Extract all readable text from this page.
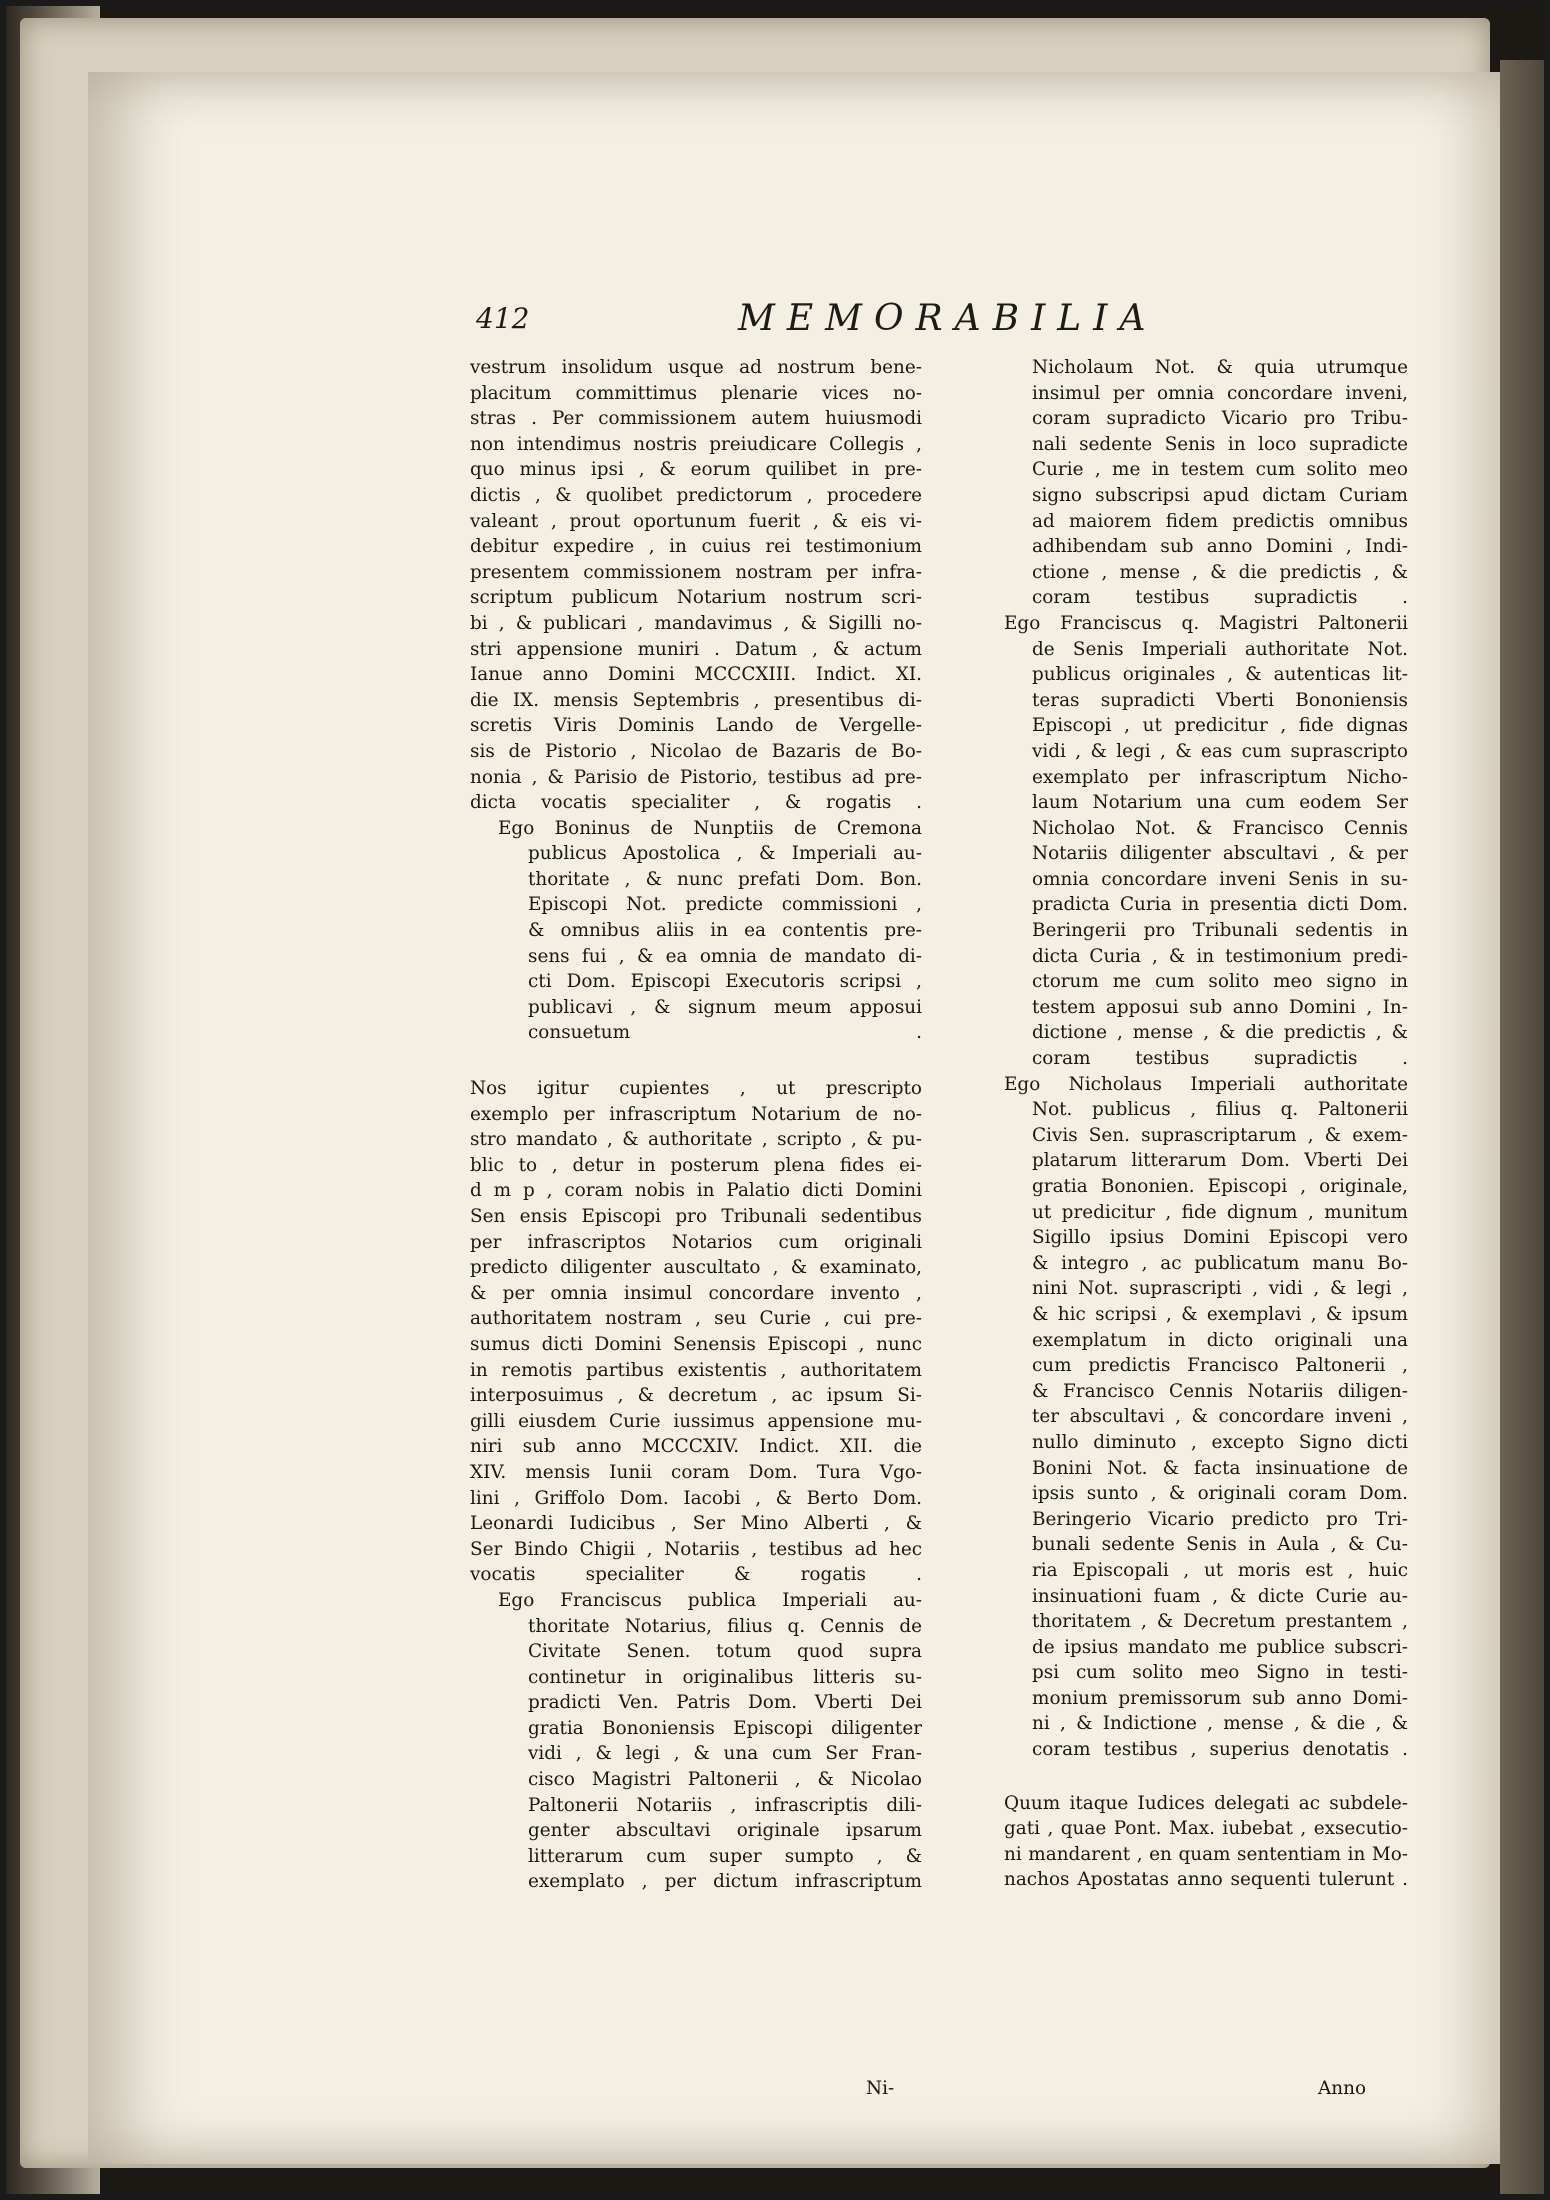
412	MEMORABILIA
vestrum insolidum usque ad nostrum bene-
placitum committimus plenarie vices no-
stras . Per commissionem autem huiusmodi
non intendimus nostris preiudicare Collegis ,
quo minus ipsi , & eorum quilibet in pre-
dictis , & quolibet predictorum , procedere
valeant , prout oportunum fuerit , & eis vi-
debitur expedire , in cuius rei testimonium
presentem commissionem nostram per infra-
scriptum publicum Notarium nostrum scri-
bi , & publicari , mandavimus , & Sigilli no-
stri appensione muniri . Datum , & actum
Ianue anno Domini MCCCXIII. Indict. XI.
die IX. mensis Septembris , presentibus di-
scretis Viris Dominis Lando de Vergelle-
sis de Pistorio , Nicolao de Bazaris de Bo-
nonia , & Parisio de Pistorio, testibus ad pre-
dicta vocatis specialiter , & rogatis .
Ego Boninus de Nunptiis de Cremona
publicus Apostolica , & Imperiali au-
thoritate , & nunc prefati Dom. Bon.
Episcopi Not. predicte commissioni ,
& omnibus aliis in ea contentis pre-
sens fui , & ea omnia de mandato di-
cti Dom. Episcopi Executoris scripsi ,
publicavi , & signum meum apposui
consuetum .
Nos igitur cupientes , ut prescripto
exemplo per infrascriptum Notarium de no-
stro mandato , & authoritate , scripto , & pu-
blic to , detur in posterum plena fides ei-
d m p , coram nobis in Palatio dicti Domini
Sen ensis Episcopi pro Tribunali sedentibus
per infrascriptos Notarios cum originali
predicto diligenter auscultato , & examinato,
& per omnia insimul concordare invento ,
authoritatem nostram , seu Curie , cui pre-
sumus dicti Domini Senensis Episcopi , nunc
in remotis partibus existentis , authoritatem
interposuimus , & decretum , ac ipsum Si-
gilli eiusdem Curie iussimus appensione mu-
niri sub anno MCCCXIV. Indict. XII. die
XIV. mensis Iunii coram Dom. Tura Vgo-
lini , Griffolo Dom. Iacobi , & Berto Dom.
Leonardi Iudicibus , Ser Mino Alberti , &
Ser Bindo Chigii , Notariis , testibus ad hec
vocatis specialiter & rogatis .
Ego Franciscus publica Imperiali au-
thoritate Notarius, filius q. Cennis de
Civitate Senen. totum quod supra
continetur in originalibus litteris su-
pradicti Ven. Patris Dom. Vberti Dei
gratia Bononiensis Episcopi diligenter
vidi , & legi , & una cum Ser Fran-
cisco Magistri Paltonerii , & Nicolao
Paltonerii Notariis , infrascriptis dili-
genter abscultavi originale ipsarum
litterarum cum super sumpto , &
exemplato , per dictum infrascriptum
Nicholaum Not. & quia utrumque
insimul per omnia concordare inveni,
coram supradicto Vicario pro Tribu-
nali sedente Senis in loco supradicte
Curie , me in testem cum solito meo
signo subscripsi apud dictam Curiam
ad maiorem fidem predictis omnibus
adhibendam sub anno Domini , Indi-
ctione , mense , & die predictis , &
coram testibus supradictis .
Ego Franciscus q. Magistri Paltonerii
de Senis Imperiali authoritate Not.
publicus originales , & autenticas lit-
teras supradicti Vberti Bononiensis
Episcopi , ut predicitur , fide dignas
vidi , & legi , & eas cum suprascripto
exemplato per infrascriptum Nicho-
laum Notarium una cum eodem Ser
Nicholao Not. & Francisco Cennis
Notariis diligenter abscultavi , & per
omnia concordare inveni Senis in su-
pradicta Curia in presentia dicti Dom.
Beringerii pro Tribunali sedentis in
dicta Curia , & in testimonium predi-
ctorum me cum solito meo signo in
testem apposui sub anno Domini , In-
dictione , mense , & die predictis , &
coram testibus supradictis .
Ego Nicholaus Imperiali authoritate
Not. publicus , filius q. Paltonerii
Civis Sen. suprascriptarum , & exem-
platarum litterarum Dom. Vberti Dei
gratia Bononien. Episcopi , originale,
ut predicitur , fide dignum , munitum
Sigillo ipsius Domini Episcopi vero
& integro , ac publicatum manu Bo-
nini Not. suprascripti , vidi , & legi ,
& hic scripsi , & exemplavi , & ipsum
exemplatum in dicto originali una
cum predictis Francisco Paltonerii ,
& Francisco Cennis Notariis diligen-
ter abscultavi , & concordare inveni ,
nullo diminuto , excepto Signo dicti
Bonini Not. & facta insinuatione de
ipsis sunto , & originali coram Dom.
Beringerio Vicario predicto pro Tri-
bunali sedente Senis in Aula , & Cu-
ria Episcopali , ut moris est , huic
insinuationi fuam , & dicte Curie au-
thoritatem , & Decretum prestantem ,
de ipsius mandato me publice subscri-
psi cum solito meo Signo in testi-
monium premissorum sub anno Domi-
ni , & Indictione , mense , & die , &
coram testibus , superius denotatis .
Quum itaque Iudices delegati ac subdele-
gati , quae Pont. Max. iubebat , exsecutio-
ni mandarent , en quam sententiam in Mo-
nachos Apostatas anno sequenti tulerunt .
Ni-	Anno
